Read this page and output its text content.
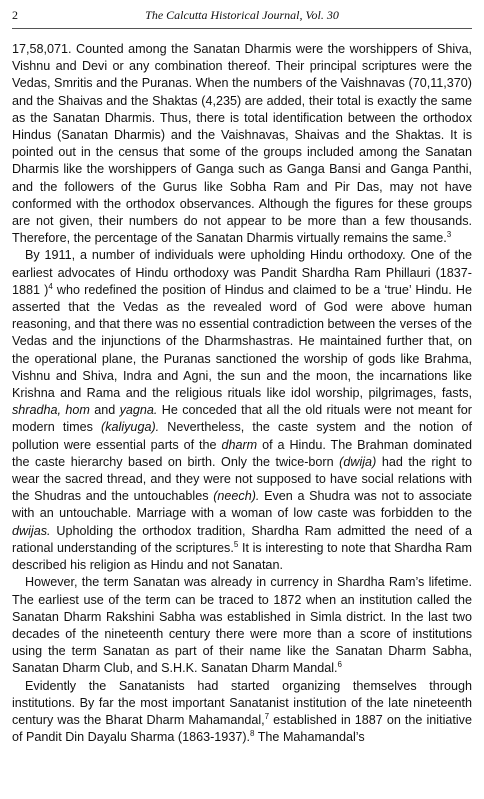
2	The Calcutta Historical Journal, Vol. 30

17,58,071. Counted among the Sanatan Dharmis were the worshippers of Shiva, Vishnu and Devi or any combination thereof. Their principal scriptures were the Vedas, Smritis and the Puranas. When the numbers of the Vaishnavas (70,11,370) and the Shaivas and the Shaktas (4,235) are added, their total is exactly the same as the Sanatan Dharmis. Thus, there is total identification between the orthodox Hindus (Sanatan Dharmis) and the Vaishnavas, Shaivas and the Shaktas. It is pointed out in the census that some of the groups included among the Sanatan Dharmis like the worshippers of Ganga such as Ganga Bansi and Ganga Panthi, and the followers of the Gurus like Sobha Ram and Pir Das, may not have conformed with the orthodox observances. Although the figures for these groups are not given, their numbers do not appear to be more than a few thousands. Therefore, the percentage of the Sanatan Dharmis virtually remains the same.$^3$

By 1911, a number of individuals were upholding Hindu orthodoxy. One of the earliest advocates of Hindu orthodoxy was Pandit Shardha Ram Phillauri (1837-1881 )$^4$ who redefined the position of Hindus and claimed to be a ‘true’ Hindu. He asserted that the Vedas as the revealed word of God were above human reasoning, and that there was no essential contradiction between the verses of the Vedas and the injunctions of the Dharmshastras. He maintained further that, on the operational plane, the Puranas sanctioned the worship of gods like Brahma, Vishnu and Shiva, Indra and Agni, the sun and the moon, the incarnations like Krishna and Rama and the religious rituals like idol worship, pilgrimages, fasts, shradha, hom and yagna. He conceded that all the old rituals were not meant for modern times (kaliyuga). Nevertheless, the caste system and the notion of pollution were essential parts of the dharm of a Hindu. The Brahman dominated the caste hierarchy based on birth. Only the twice-born (dwija) had the right to wear the sacred thread, and they were not supposed to have social relations with the Shudras and the untouchables (neech). Even a Shudra was not to associate with an untouchable. Marriage with a woman of low caste was forbidden to the dwijas. Upholding the orthodox tradition, Shardha Ram admitted the need of a rational understanding of the scriptures.$^5$ It is interesting to note that Shardha Ram described his religion as Hindu and not Sanatan.

However, the term Sanatan was already in currency in Shardha Ram’s lifetime. The earliest use of the term can be traced to 1872 when an institution called the Sanatan Dharm Rakshini Sabha was established in Simla district. In the last two decades of the nineteenth century there were more than a score of institutions using the term Sanatan as part of their name like the Sanatan Dharm Sabha, Sanatan Dharm Club, and S.H.K. Sanatan Dharm Mandal.$^6$

Evidently the Sanatanists had started organizing themselves through institutions. By far the most important Sanatanist institution of the late nineteenth century was the Bharat Dharm Mahamandal,$^7$ established in 1887 on the initiative of Pandit Din Dayalu Sharma (1863-1937).$^8$ The Mahamandal’s
